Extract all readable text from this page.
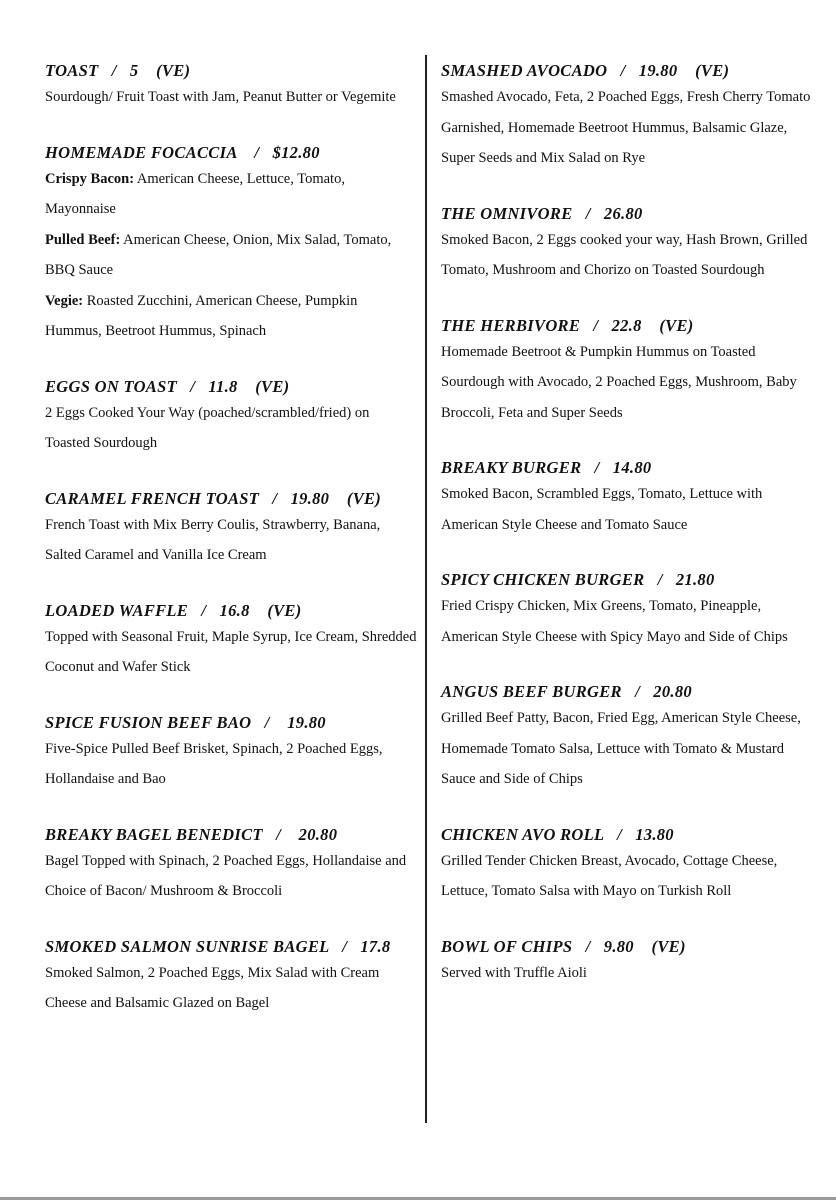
TOAST   /   5    (VE)

Sourdough/ Fruit Toast with Jam, Peanut Butter or Vegemite

HOMEMADE FOCACCIA    /   $12.80
Crispy Bacon: American Cheese, Lettuce, Tomato, Mayonnaise
Pulled Beef: American Cheese, Onion, Mix Salad, Tomato, BBQ Sauce
Vegie: Roasted Zucchini, American Cheese, Pumpkin Hummus, Beetroot Hummus, Spinach
EGGS ON TOAST   /   11.8    (VE)

2 Eggs Cooked Your Way (poached/scrambled/fried) on Toasted Sourdough

CARAMEL FRENCH TOAST   /   19.80    (VE)

French Toast with Mix Berry Coulis, Strawberry, Banana, Salted Caramel and Vanilla Ice Cream

LOADED WAFFLE   /   16.8    (VE)

Topped with Seasonal Fruit, Maple Syrup, Ice Cream, Shredded Coconut and Wafer Stick

SPICE FUSION BEEF BAO   /    19.80

Five-Spice Pulled Beef Brisket, Spinach, 2 Poached Eggs, Hollandaise and Bao

BREAKY BAGEL BENEDICT   /    20.80

Bagel Topped with Spinach, 2 Poached Eggs, Hollandaise and Choice of Bacon/ Mushroom & Broccoli

SMOKED SALMON SUNRISE BAGEL   /   17.8

Smoked Salmon, 2 Poached Eggs, Mix Salad with Cream Cheese and Balsamic Glazed on Bagel

SMASHED AVOCADO   /   19.80    (VE)

Smashed Avocado, Feta, 2 Poached Eggs, Fresh Cherry Tomato Garnished, Homemade Beetroot Hummus, Balsamic Glaze, Super Seeds and Mix Salad on Rye

THE OMNIVORE   /   26.80

Smoked Bacon, 2 Eggs cooked your way, Hash Brown, Grilled Tomato, Mushroom and Chorizo on Toasted Sourdough

THE HERBIVORE   /   22.8    (VE)

Homemade Beetroot & Pumpkin Hummus on Toasted Sourdough with Avocado, 2 Poached Eggs, Mushroom, Baby Broccoli, Feta and Super Seeds

BREAKY BURGER   /   14.80

Smoked Bacon, Scrambled Eggs, Tomato, Lettuce with American Style Cheese and Tomato Sauce

SPICY CHICKEN BURGER   /   21.80

Fried Crispy Chicken, Mix Greens, Tomato, Pineapple, American Style Cheese with Spicy Mayo and Side of Chips

ANGUS BEEF BURGER   /   20.80

Grilled Beef Patty, Bacon, Fried Egg, American Style Cheese, Homemade Tomato Salsa, Lettuce with Tomato & Mustard Sauce and Side of Chips

CHICKEN AVO ROLL   /   13.80

Grilled Tender Chicken Breast, Avocado, Cottage Cheese, Lettuce, Tomato Salsa with Mayo on Turkish Roll

BOWL OF CHIPS   /   9.80    (VE)

Served with Truffle Aioli
